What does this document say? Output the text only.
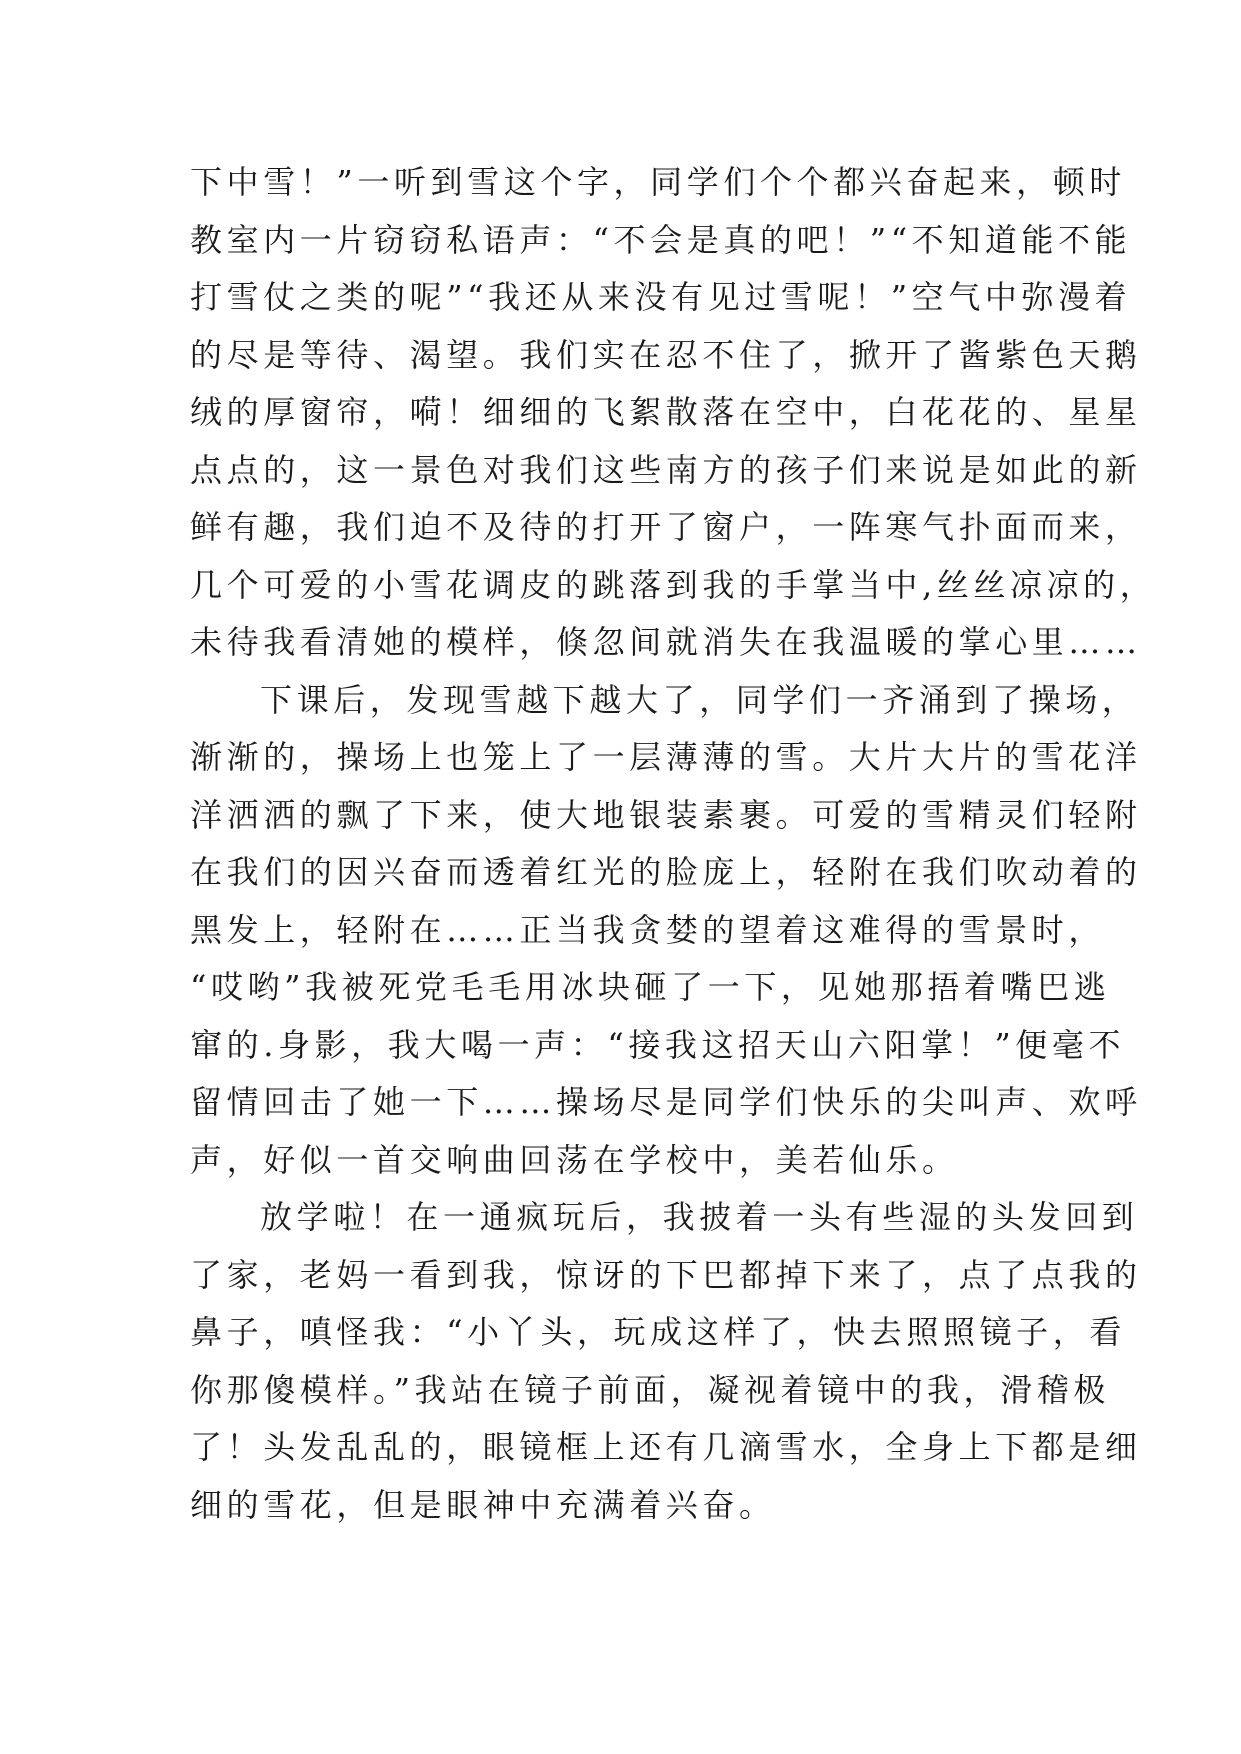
下中雪！”一听到雪这个字，同学们个个都兴奋起来，顿时
教室内一片窃窃私语声：“不会是真的吧！”“不知道能不能
打雪仗之类的呢”“我还从来没有见过雪呢！”空气中弥漫着
的尽是等待、渴望。我们实在忍不住了，掀开了酱紫色天鹅
绒的厚窗帘，嗬！细细的飞絮散落在空中，白花花的、星星
点点的，这一景色对我们这些南方的孩子们来说是如此的新
鲜有趣，我们迫不及待的打开了窗户，一阵寒气扑面而来，
几个可爱的小雪花调皮的跳落到我的手掌当中,丝丝凉凉的，
未待我看清她的模样，倏忽间就消失在我温暖的掌心里……
下课后，发现雪越下越大了，同学们一齐涌到了操场，
渐渐的，操场上也笼上了一层薄薄的雪。大片大片的雪花洋
洋洒洒的飘了下来，使大地银装素裹。可爱的雪精灵们轻附
在我们的因兴奋而透着红光的脸庞上，轻附在我们吹动着的
黑发上，轻附在……正当我贪婪的望着这难得的雪景时，
“哎哟”我被死党毛毛用冰块砸了一下，见她那捂着嘴巴逃
窜的.身影，我大喝一声：“接我这招天山六阳掌！”便毫不
留情回击了她一下……操场尽是同学们快乐的尖叫声、欢呼
声，好似一首交响曲回荡在学校中，美若仙乐。
放学啦！在一通疯玩后，我披着一头有些湿的头发回到
了家，老妈一看到我，惊讶的下巴都掉下来了，点了点我的
鼻子，嗔怪我：“小丫头，玩成这样了，快去照照镜子，看
你那傻模样。”我站在镜子前面，凝视着镜中的我，滑稽极
了！头发乱乱的，眼镜框上还有几滴雪水，全身上下都是细
细的雪花，但是眼神中充满着兴奋。
